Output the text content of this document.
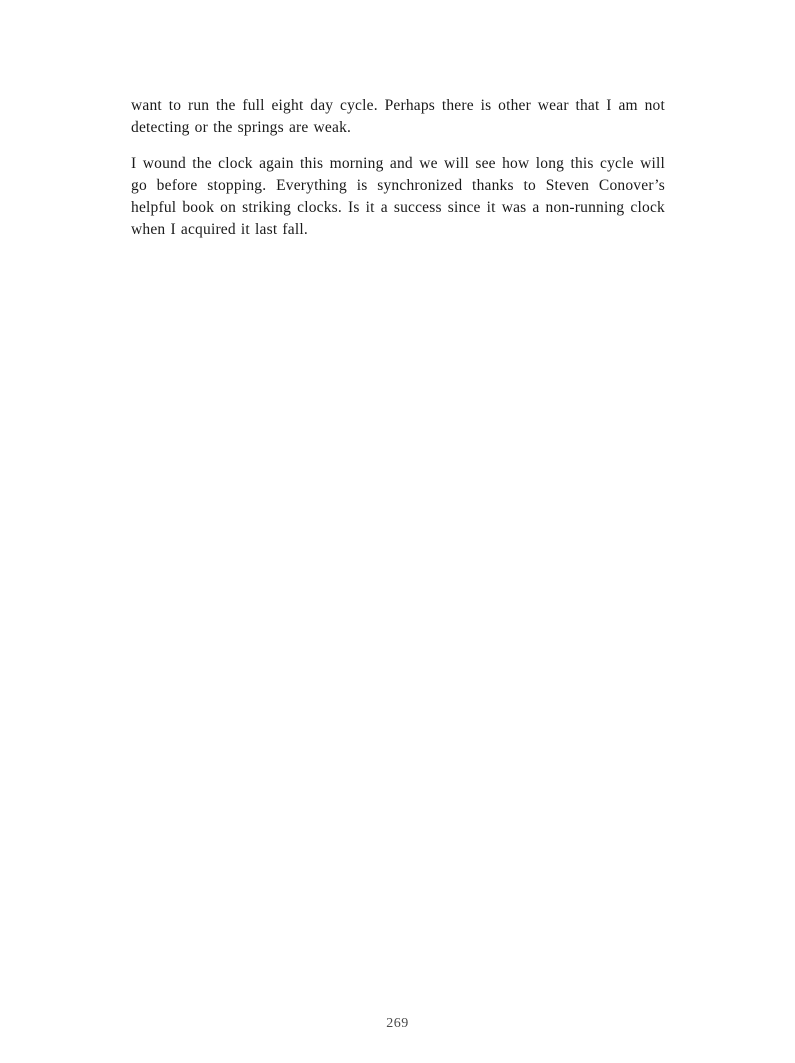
want to run the full eight day cycle. Perhaps there is other wear that I am not detecting or the springs are weak.

I wound the clock again this morning and we will see how long this cycle will go before stopping. Everything is synchronized thanks to Steven Conover’s helpful book on striking clocks. Is it a success since it was a non-running clock when I acquired it last fall.

269
